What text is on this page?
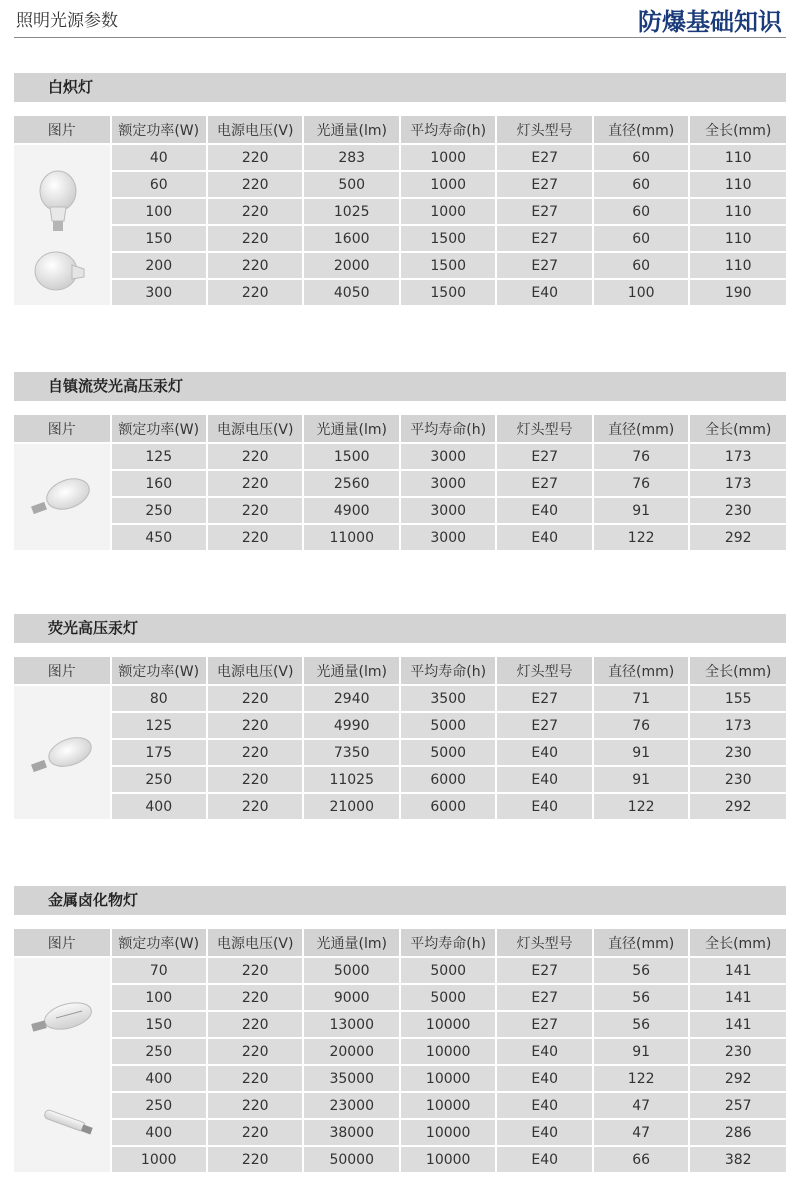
照明光源参数	防爆基础知识
白炽灯
图片	额定功率(W)	电源电压(V)	光通量(lm)	平均寿命(h)	灯头型号	直径(mm)	全长(mm)

	40	220	283	1000	E27	60	110
	60	220	500	1000	E27	60	110
	100	220	1025	1000	E27	60	110
	150	220	1600	1500	E27	60	110
	200	220	2000	1500	E27	60	110
	300	220	4050	1500	E40	100	190
自镇流荧光高压汞灯
图片	额定功率(W)	电源电压(V)	光通量(lm)	平均寿命(h)	灯头型号	直径(mm)	全长(mm)

	125	220	1500	3000	E27	76	173
	160	220	2560	3000	E27	76	173
	250	220	4900	3000	E40	91	230
	450	220	11000	3000	E40	122	292
荧光高压汞灯
图片	额定功率(W)	电源电压(V)	光通量(lm)	平均寿命(h)	灯头型号	直径(mm)	全长(mm)

	80	220	2940	3500	E27	71	155
	125	220	4990	5000	E27	76	173
	175	220	7350	5000	E40	91	230
	250	220	11025	6000	E40	91	230
	400	220	21000	6000	E40	122	292
金属卤化物灯
图片	额定功率(W)	电源电压(V)	光通量(lm)	平均寿命(h)	灯头型号	直径(mm)	全长(mm)

	70	220	5000	5000	E27	56	141
	100	220	9000	5000	E27	56	141
	150	220	13000	10000	E27	56	141
	250	220	20000	10000	E40	91	230
	400	220	35000	10000	E40	122	292
	250	220	23000	10000	E40	47	257
	400	220	38000	10000	E40	47	286
	1000	220	50000	10000	E40	66	382
